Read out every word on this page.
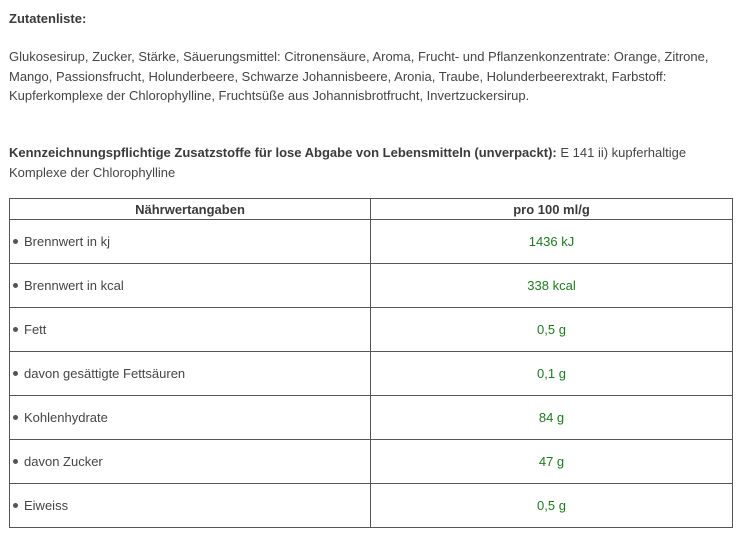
Zutatenliste:
Glukosesirup, Zucker, Stärke, Säuerungsmittel: Citronensäure, Aroma, Frucht- und Pflanzenkonzentrate: Orange, Zitrone, Mango, Passionsfrucht, Holunderbeere, Schwarze Johannisbeere, Aronia, Traube, Holunderbeerextrakt, Farbstoff: Kupferkomplexe der Chlorophylline, Fruchtsüße aus Johannisbrotfrucht, Invertzuckersirup.
Kennzeichnungspflichtige Zusatzstoffe für lose Abgabe von Lebensmitteln (unverpackt): E 141 ii) kupferhaltige Komplexe der Chlorophylline
Nährwertangaben	pro 100 ml/g
Brennwert in kj	1436 kJ
Brennwert in kcal	338 kcal
Fett	0,5 g
davon gesättigte Fettsäuren	0,1 g
Kohlenhydrate	84 g
davon Zucker	47 g
Eiweiss	0,5 g
